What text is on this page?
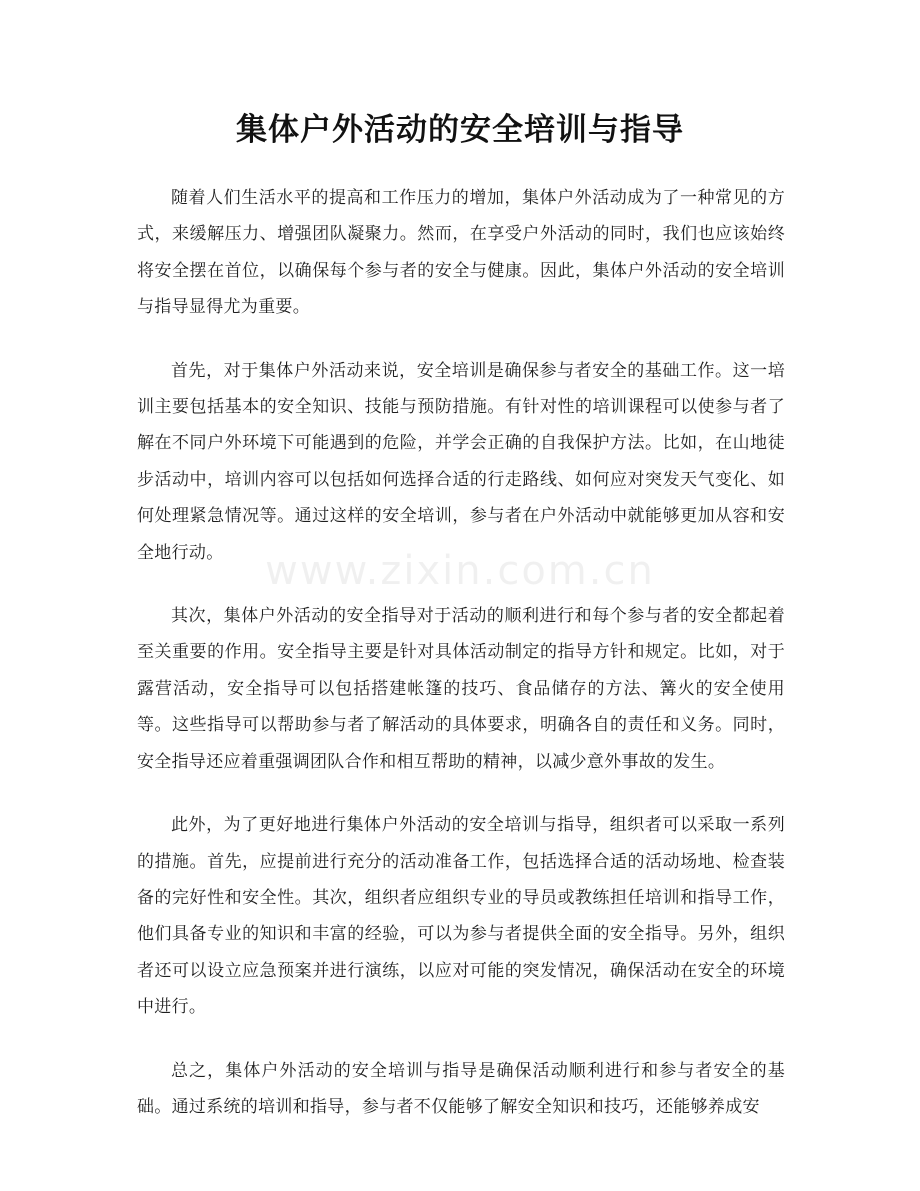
集体户外活动的安全培训与指导

随着人们生活水平的提高和工作压力的增加，集体户外活动成为了一种常见的方式，来缓解压力、增强团队凝聚力。然而，在享受户外活动的同时，我们也应该始终将安全摆在首位，以确保每个参与者的安全与健康。因此，集体户外活动的安全培训与指导显得尤为重要。

首先，对于集体户外活动来说，安全培训是确保参与者安全的基础工作。这一培训主要包括基本的安全知识、技能与预防措施。有针对性的培训课程可以使参与者了解在不同户外环境下可能遇到的危险，并学会正确的自我保护方法。比如，在山地徒步活动中，培训内容可以包括如何选择合适的行走路线、如何应对突发天气变化、如何处理紧急情况等。通过这样的安全培训，参与者在户外活动中就能够更加从容和安全地行动。

其次，集体户外活动的安全指导对于活动的顺利进行和每个参与者的安全都起着至关重要的作用。安全指导主要是针对具体活动制定的指导方针和规定。比如，对于露营活动，安全指导可以包括搭建帐篷的技巧、食品储存的方法、篝火的安全使用等。这些指导可以帮助参与者了解活动的具体要求，明确各自的责任和义务。同时，安全指导还应着重强调团队合作和相互帮助的精神，以减少意外事故的发生。

此外，为了更好地进行集体户外活动的安全培训与指导，组织者可以采取一系列的措施。首先，应提前进行充分的活动准备工作，包括选择合适的活动场地、检查装备的完好性和安全性。其次，组织者应组织专业的导员或教练担任培训和指导工作，他们具备专业的知识和丰富的经验，可以为参与者提供全面的安全指导。另外，组织者还可以设立应急预案并进行演练，以应对可能的突发情况，确保活动在安全的环境中进行。

总之，集体户外活动的安全培训与指导是确保活动顺利进行和参与者安全的基础。通过系统的培训和指导，参与者不仅能够了解安全知识和技巧，还能够养成安

www.zixin.com.cn
